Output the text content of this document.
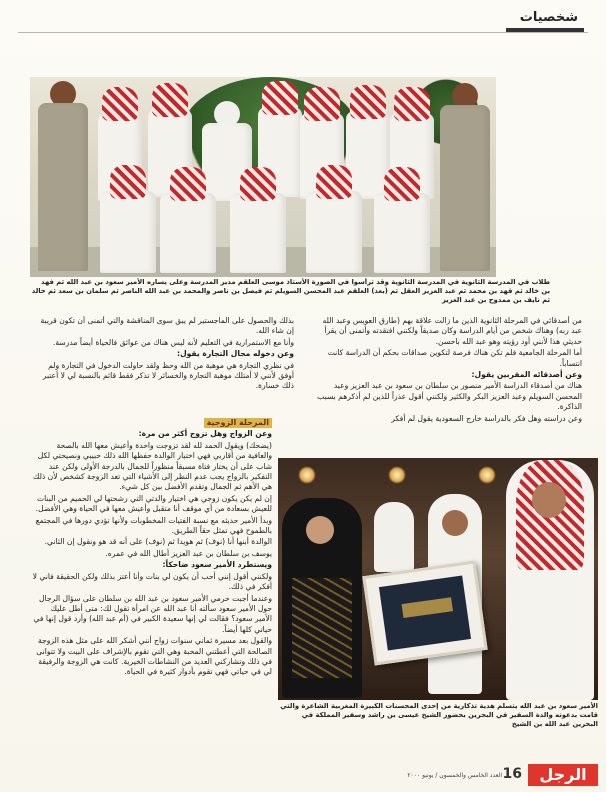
شخصيات
طلاب في المدرسة الثانوية في المدرسة الثانوية وقد ترأسوا في الصورة الأستاذ موسى العلقم مدير المدرسة وعلى يساره الأمير سعود بن عبد الله ثم فهد بن خالد ثم قهد بن محمد ثم عبد العزيز العقل ثم (بعد) العلقم عبد المحسن السويلم ثم فيصل بن ناصر والمحمد بن عبد الله الناصر ثم سلمان بن سعد ثم خالد ثم نايف بن ممدوح بن عبد العزيز

من أصدقائي في المرحلة الثانوية الذين ما زالت علاقة بهم (طارق العويس وعبد الله عبد ربه) وهناك شخص من أيام الدراسة وكان صديقاً ولكنني افتقدته وأتمنى أن يقرأ حديثي هذا لأنني أود رؤيته وهو عبد الله باحسن.

أما المرحلة الجامعية فلم تكن هناك فرصة لتكوين صداقات بحكم أن الدراسة كانت انتساباً.

وعن أصدقائه المقربين يقول:

هناك من أصدقاء الدراسة الأمير منصور بن سلطان بن سعود بن عبد العزيز وعبد المحسن السويلم وعبد العزيز البكر والكثير ولكنني أقول عذراً للذين لم أذكرهم بسبب الذاكرة.

وعن دراسته وهل فكر بالدراسة خارج السعودية يقول لم أفكر

بذلك والحصول على الماجستير لم يبق سوى المناقشة والتي أتمنى أن تكون قريبة إن شاء الله.

وأنا مع الاستمرارية في التعليم لأنه ليس هناك من عوائق فالحياة أيضاً مدرسة.

وعن دخوله مجال التجارة يقول:

في نظري التجارة هي موهبة من الله وحظ ولقد حاولت الدخول في التجارة ولم أوفق لأنني لا أمتلك موهبة التجارة والخسائر لا تذكر فقط قائم بالنسبة لي لا أعتبر ذلك خسارة.

المرحلة الزوجية

وعن الزواج وهل تزوج أكثر من مرة:

(يضحك) ويقول الحمد لله لقد تزوجت واحدة وأعيش معها الله بالصحة والعافية من أقاربي فهي اختيار الوالدة حفظها الله ذلك حبيبي ونصيحتي لكل شاب على أن يختار فتاة مسبقاً منظوراً للجمال بالدرجة الأولى ولكن عند التفكير بالزواج يجب عدم النظر إلى الأشياء التي تعد الزوجة كشخص لأن ذلك هي الأهم ثم الجمال وتقدم الأفضل بين كل شيء.

إن لم يكن يكون زوجي هي اختيار والدتي التي رشحتها لي الحميم من البنات للعيش بسعادة من أي موقف أنا متقبل وأعيش معها في الحياة وهي الأفضل.

وبدأ الأمير حديثه مع نسبة الفتيات المخطوبات ولأنها تؤدي دورها في المجتمع بالطموح فهي تمثل حقاً الطريق.

الوالدة أبنها أنا (نوف) ثم هويدا ثم (نوف) على أنه قد هو ونقول إن الثاني.

يوسف بن سلطان بن عبد العزيز أطال الله في عمره.

ويستطرد الأمير سعود ضاحكاً:

ولكنني أقول إنني أحب أن يكون لي بنات وأنا أعتز بذلك ولكن الحقيقة فاني لا أفكر في ذلك.

وعندما أجبت حرمي الأمير سعود بن عبد الله بن سلطان على سؤال الرجال حول الأمير سعود سألته أنا عبد الله عن امرأة تقول لك: متى أطل عليك الأمير سعود؟ فقالت لي إنها سعيدة الكبير في (أم عبد الله) وأرد قول إنها في حياتي كلها أيضاً.

والقول بعد مسيرة ثماني سنوات زواج أنني أشكر الله على مثل هذه الزوجة الصالحة التي أعطتني المحبة وهي التي تقوم بالإشراف على البيت ولا تتوانى في ذلك وتشاركني العديد من النشاطات الخيرية. كانت هي الزوجة والرفيقة لي في حياتي فهي تقوم بأدوار كثيرة في الحياة.

الأمير سعود بن عبد الله يتسلم هدية تذكارية من إحدى المحسنات الكبيرة المغربية الشاعرة والتي قامت بدعوته والدة السفير في البحرين بحضور الشيخ عيسى بن راشد وسفير المملكة في البحرين عبد الله بن الشيخ
الرجل
16
العدد الخامس والخمسون / يونيو ٢٠٠٠
